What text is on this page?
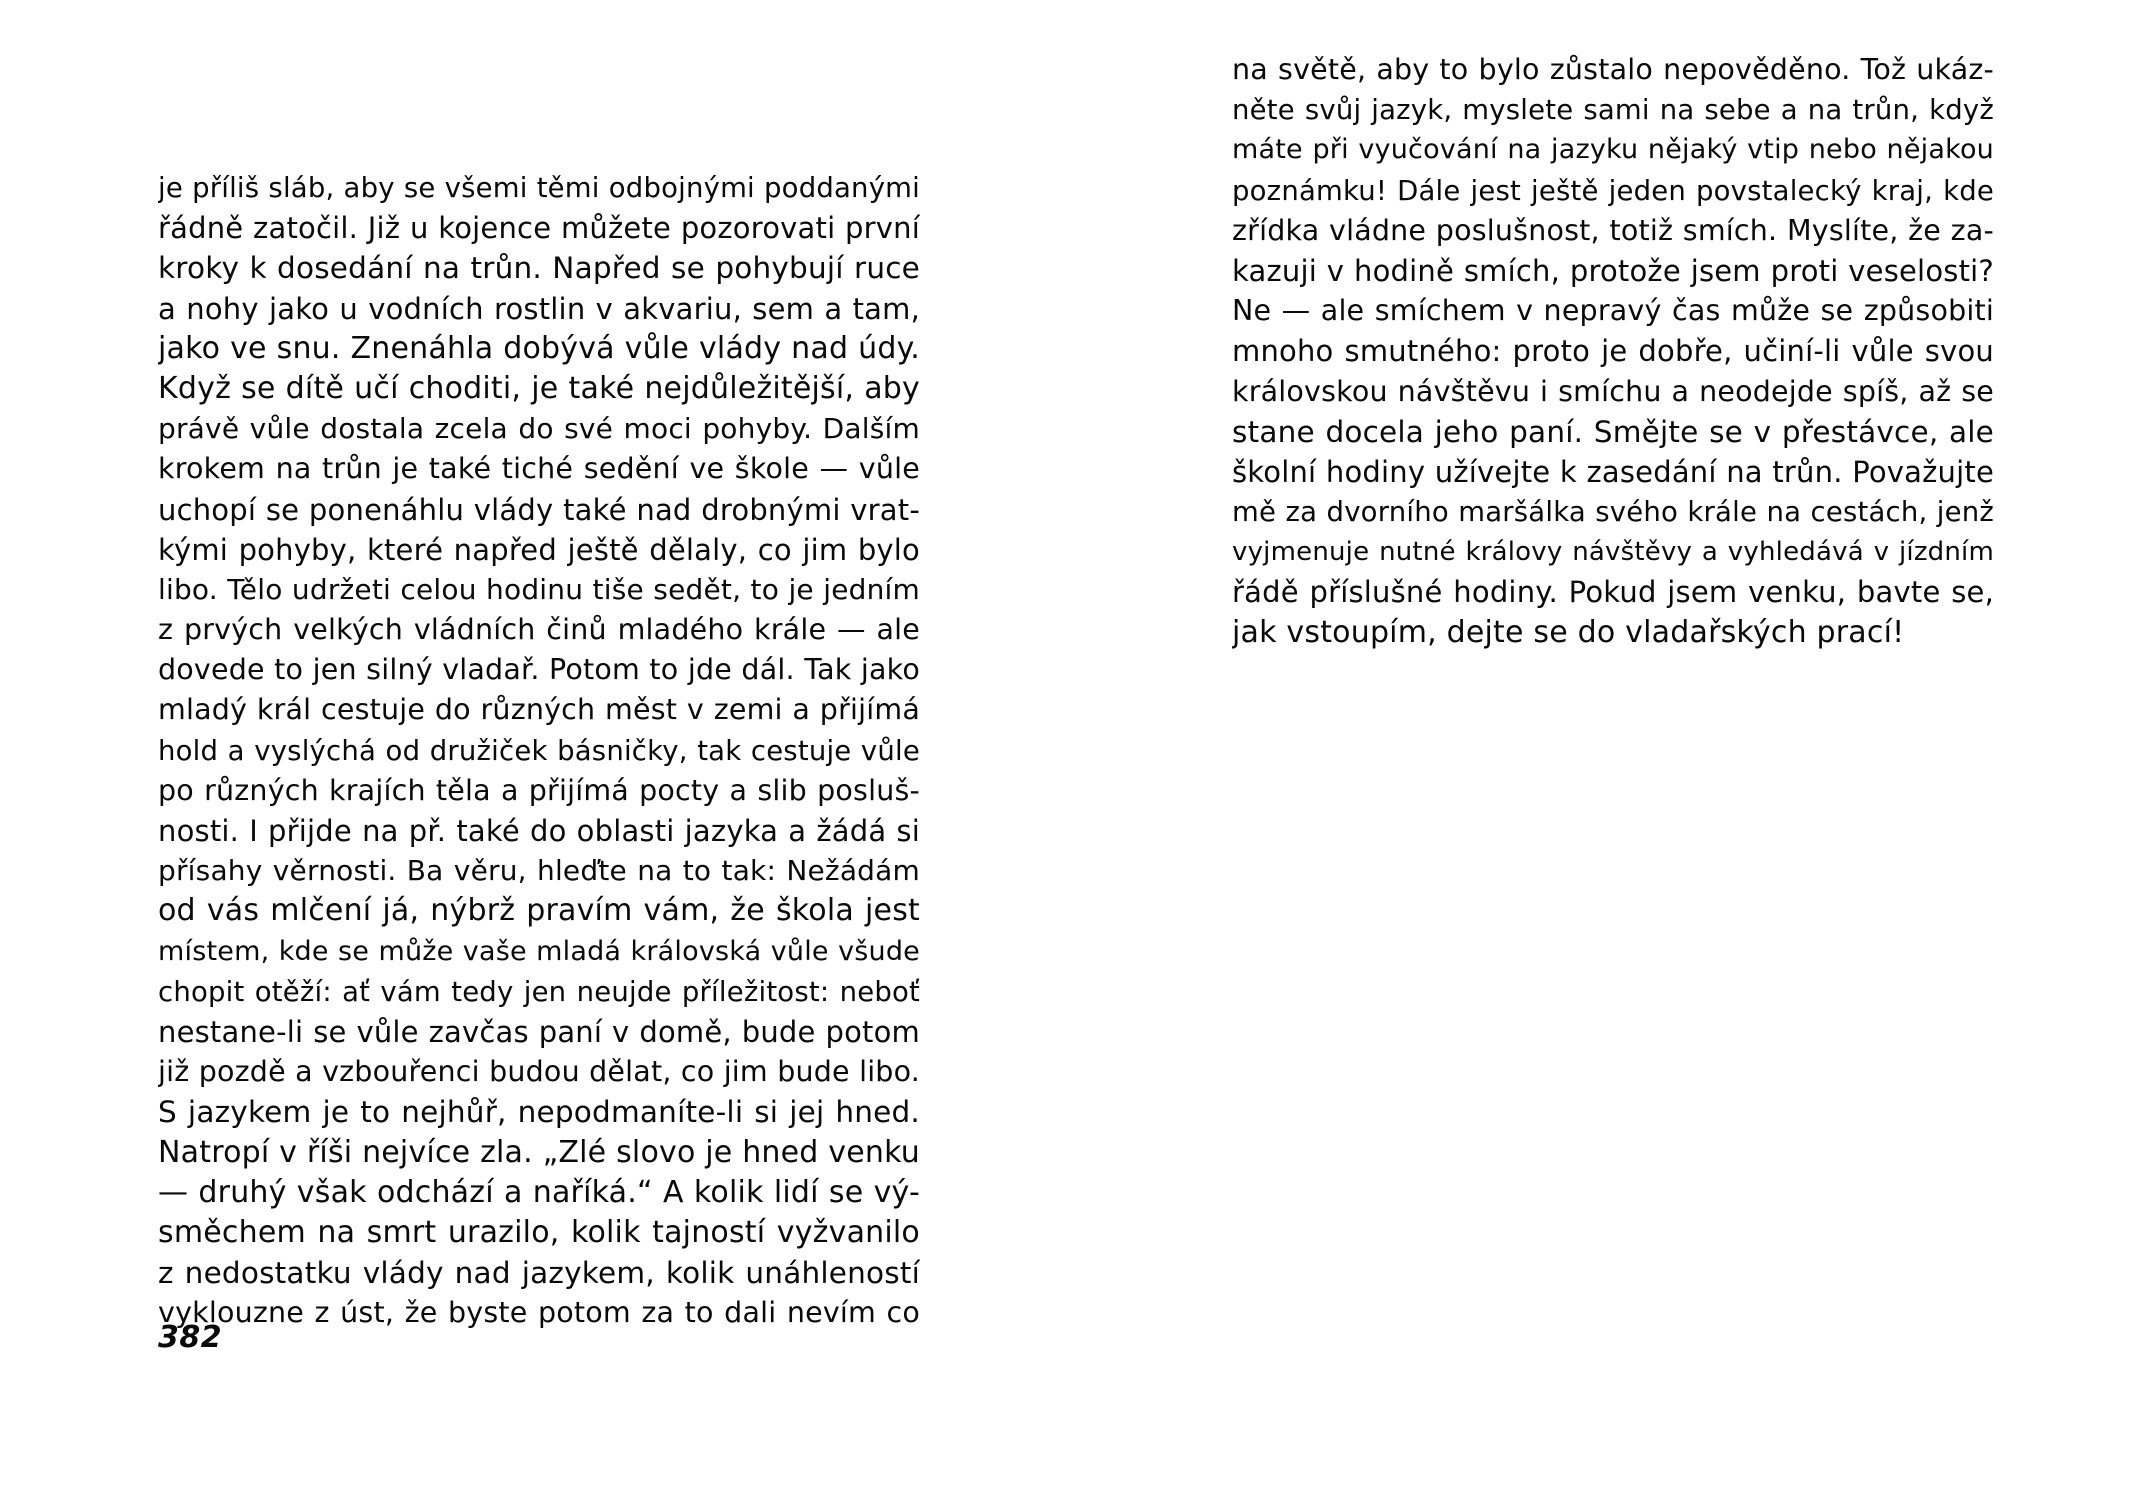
je příliš sláb, aby se všemi těmi odbojnými poddanými
řádně zatočil. Již u kojence můžete pozorovati první
kroky k dosedání na trůn. Napřed se pohybují ruce
a nohy jako u vodních rostlin v akvariu, sem a tam,
jako ve snu. Znenáhla dobývá vůle vlády nad údy.
Když se dítě učí choditi, je také nejdůležitější, aby
právě vůle dostala zcela do své moci pohyby. Dalším
krokem na trůn je také tiché sedění ve škole — vůle
uchopí se ponenáhlu vlády také nad drobnými vrat-
kými pohyby, které napřed ještě dělaly, co jim bylo
libo. Tělo udržeti celou hodinu tiše sedět, to je jedním
z prvých velkých vládních činů mladého krále — ale
dovede to jen silný vladař. Potom to jde dál. Tak jako
mladý král cestuje do různých měst v zemi a přijímá
hold a vyslýchá od družiček básničky, tak cestuje vůle
po různých krajích těla a přijímá pocty a slib posluš-
nosti. I přijde na př. také do oblasti jazyka a žádá si
přísahy věrnosti. Ba věru, hleďte na to tak: Nežádám
od vás mlčení já, nýbrž pravím vám, že škola jest
místem, kde se může vaše mladá královská vůle všude
chopit otěží: ať vám tedy jen neujde příležitost: neboť
nestane-li se vůle zavčas paní v domě, bude potom
již pozdě a vzbouřenci budou dělat, co jim bude libo.
S jazykem je to nejhůř, nepodmaníte-li si jej hned.
Natropí v říši nejvíce zla. „Zlé slovo je hned venku
— druhý však odchází a naříká.“ A kolik lidí se vý-
směchem na smrt urazilo, kolik tajností vyžvanilo
z nedostatku vlády nad jazykem, kolik unáhleností
vyklouzne z úst, že byste potom za to dali nevím co
382
na světě, aby to bylo zůstalo nepověděno. Tož ukáz-
něte svůj jazyk, myslete sami na sebe a na trůn, když
máte při vyučování na jazyku nějaký vtip nebo nějakou
poznámku! Dále jest ještě jeden povstalecký kraj, kde
zřídka vládne poslušnost, totiž smích. Myslíte, že za-
kazuji v hodině smích, protože jsem proti veselosti?
Ne — ale smíchem v nepravý čas může se způsobiti
mnoho smutného: proto je dobře, učiní-li vůle svou
královskou návštěvu i smíchu a neodejde spíš, až se
stane docela jeho paní. Smějte se v přestávce, ale
školní hodiny užívejte k zasedání na trůn. Považujte
mě za dvorního maršálka svého krále na cestách, jenž
vyjmenuje nutné královy návštěvy a vyhledává v jízdním
řádě příslušné hodiny. Pokud jsem venku, bavte se,
jak vstoupím, dejte se do vladařských prací!
